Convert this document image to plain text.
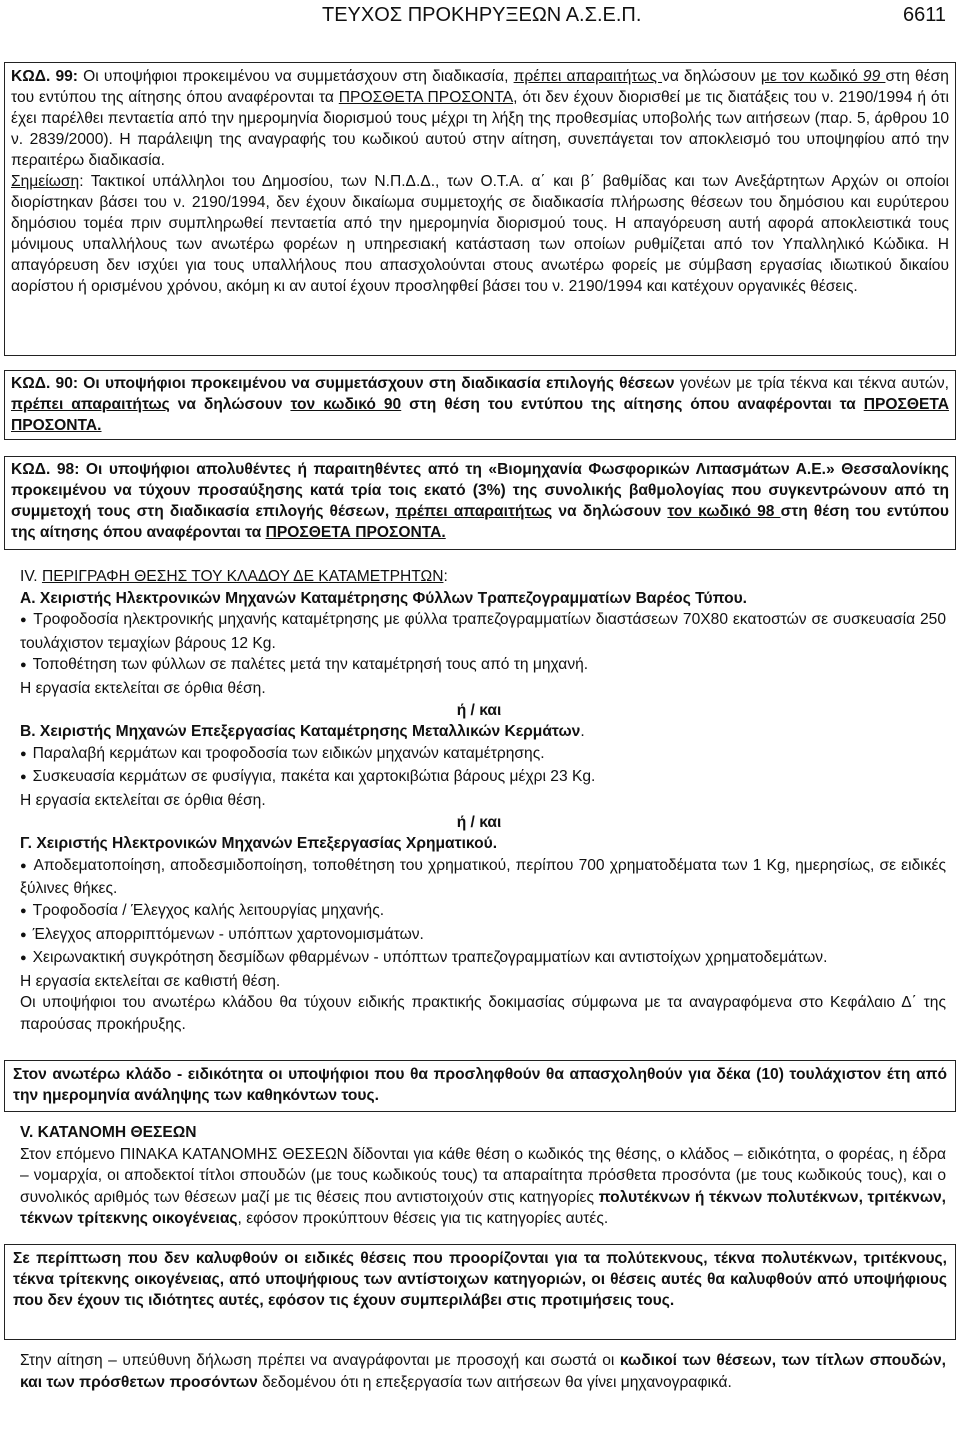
ΤΕΥΧΟΣ ΠΡΟΚΗΡΥΞΕΩΝ Α.Σ.Ε.Π.	6611

ΚΩΔ. 99: Οι υποψήφιοι προκειμένου να συμμετάσχουν στη διαδικασία, πρέπει απαραιτήτως να δηλώσουν με τον κωδικό 99 στη θέση του εντύπου της αίτησης όπου αναφέρονται τα ΠΡΟΣΘΕΤΑ ΠΡΟΣΟΝΤΑ, ότι δεν έχουν διορισθεί με τις διατάξεις του ν. 2190/1994 ή ότι έχει παρέλθει πενταετία από την ημερομηνία διορισμού τους μέχρι τη λήξη της προθεσμίας υποβολής των αιτήσεων (παρ. 5, άρθρου 10 ν. 2839/2000). Η παράλειψη της αναγραφής του κωδικού αυτού στην αίτηση, συνεπάγεται τον αποκλεισμό του υποψηφίου από την περαιτέρω διαδικασία.

Σημείωση: Τακτικοί υπάλληλοι του Δημοσίου, των Ν.Π.Δ.Δ., των Ο.Τ.Α. α΄ και β΄ βαθμίδας και των Ανεξάρτητων Αρχών οι οποίοι διορίστηκαν βάσει του ν. 2190/1994, δεν έχουν δικαίωμα συμμετοχής σε διαδικασία πλήρωσης θέσεων του δημόσιου και ευρύτερου δημόσιου τομέα πριν συμπληρωθεί πενταετία από την ημερομηνία διορισμού τους. Η απαγόρευση αυτή αφορά αποκλειστικά τους μόνιμους υπαλλήλους των ανωτέρω φορέων η υπηρεσιακή κατάσταση των οποίων ρυθμίζεται από τον Υπαλληλικό Κώδικα. Η απαγόρευση δεν ισχύει για τους υπαλλήλους που απασχολούνται στους ανωτέρω φορείς με σύμβαση εργασίας ιδιωτικού δικαίου αορίστου ή ορισμένου χρόνου, ακόμη κι αν αυτοί έχουν προσληφθεί βάσει του ν. 2190/1994 και κατέχουν οργανικές θέσεις.

ΚΩΔ. 90: Οι υποψήφιοι προκειμένου να συμμετάσχουν στη διαδικασία επιλογής θέσεων γονέων με τρία τέκνα και τέκνα αυτών, πρέπει απαραιτήτως να δηλώσουν τον κωδικό 90 στη θέση του εντύπου της αίτησης όπου αναφέρονται τα ΠΡΟΣΘΕΤΑ ΠΡΟΣΟΝΤΑ.

ΚΩΔ. 98: Οι υποψήφιοι απολυθέντες ή παραιτηθέντες από τη «Βιομηχανία Φωσφορικών Λιπασμάτων Α.Ε.» Θεσσαλονίκης προκειμένου να τύχουν προσαύξησης κατά τρία τοις εκατό (3%) της συνολικής βαθμολογίας που συγκεντρώνουν από τη συμμετοχή τους στη διαδικασία επιλογής θέσεων, πρέπει απαραιτήτως να δηλώσουν τον κωδικό 98 στη θέση του εντύπου της αίτησης όπου αναφέρονται τα ΠΡΟΣΘΕΤΑ ΠΡΟΣΟΝΤΑ.

IV. ΠΕΡΙΓΡΑΦΗ ΘΕΣΗΣ ΤΟΥ ΚΛΑΔΟΥ ΔΕ ΚΑΤΑΜΕΤΡΗΤΩΝ:

Α. Χειριστής Ηλεκτρονικών Μηχανών Καταμέτρησης Φύλλων Τραπεζογραμματίων Βαρέος Τύπου.

● Τροφοδοσία ηλεκτρονικής μηχανής καταμέτρησης με φύλλα τραπεζογραμματίων διαστάσεων 70Χ80 εκατοστών σε συσκευασία 250 τουλάχιστον τεμαχίων βάρους 12 Kg.

● Τοποθέτηση των φύλλων σε παλέτες μετά την καταμέτρησή τους από τη μηχανή.

Η εργασία εκτελείται σε όρθια θέση.

ή / και

Β. Χειριστής Μηχανών Επεξεργασίας Καταμέτρησης Μεταλλικών Κερμάτων.

● Παραλαβή κερμάτων και τροφοδοσία των ειδικών μηχανών καταμέτρησης.

● Συσκευασία κερμάτων σε φυσίγγια, πακέτα και χαρτοκιβώτια βάρους μέχρι 23 Kg.

Η εργασία εκτελείται σε όρθια θέση.

ή / και

Γ. Χειριστής Ηλεκτρονικών Μηχανών Επεξεργασίας Χρηματικού.

● Αποδεματοποίηση, αποδεσμιδοποίηση, τοποθέτηση του χρηματικού, περίπου 700 χρηματοδέματα των 1 Kg, ημερησίως, σε ειδικές ξύλινες θήκες.

● Τροφοδοσία / Έλεγχος καλής λειτουργίας μηχανής.

● Έλεγχος απορριπτόμενων - υπόπτων χαρτονομισμάτων.

● Χειρωνακτική συγκρότηση δεσμίδων φθαρμένων - υπόπτων τραπεζογραμματίων και αντιστοίχων χρηματοδεμάτων.

Η εργασία εκτελείται σε καθιστή θέση.

Οι υποψήφιοι του ανωτέρω κλάδου θα τύχουν ειδικής πρακτικής δοκιμασίας σύμφωνα με τα αναγραφόμενα στο Κεφάλαιο Δ΄ της παρούσας προκήρυξης.

Στον ανωτέρω κλάδο - ειδικότητα οι υποψήφιοι που θα προσληφθούν θα απασχοληθούν για δέκα (10) τουλάχιστον έτη από την ημερομηνία ανάληψης των καθηκόντων τους.

V. ΚΑΤΑΝΟΜΗ ΘΕΣΕΩΝ

Στον επόμενο ΠΙΝΑΚΑ ΚΑΤΑΝΟΜΗΣ ΘΕΣΕΩΝ δίδονται για κάθε θέση ο κωδικός της θέσης, ο κλάδος – ειδικότητα, ο φορέας, η έδρα – νομαρχία, οι αποδεκτοί τίτλοι σπουδών (με τους κωδικούς τους) τα απαραίτητα πρόσθετα προσόντα (με τους κωδικούς τους), και ο συνολικός αριθμός των θέσεων μαζί με τις θέσεις που αντιστοιχούν στις κατηγορίες πολυτέκνων ή τέκνων πολυτέκνων, τριτέκνων, τέκνων τρίτεκνης οικογένειας, εφόσον προκύπτουν θέσεις για τις κατηγορίες αυτές.

Σε περίπτωση που δεν καλυφθούν οι ειδικές θέσεις που προορίζονται για τα πολύτεκνους, τέκνα πολυτέκνων, τριτέκνους, τέκνα τρίτεκνης οικογένειας, από υποψήφιους των αντίστοιχων κατηγοριών, οι θέσεις αυτές θα καλυφθούν από υποψήφιους που δεν έχουν τις ιδιότητες αυτές, εφόσον τις έχουν συμπεριλάβει στις προτιμήσεις τους.

Στην αίτηση – υπεύθυνη δήλωση πρέπει να αναγράφονται με προσοχή και σωστά οι κωδικοί των θέσεων, των τίτλων σπουδών, και των πρόσθετων προσόντων δεδομένου ότι η επεξεργασία των αιτήσεων θα γίνει μηχανογραφικά.
